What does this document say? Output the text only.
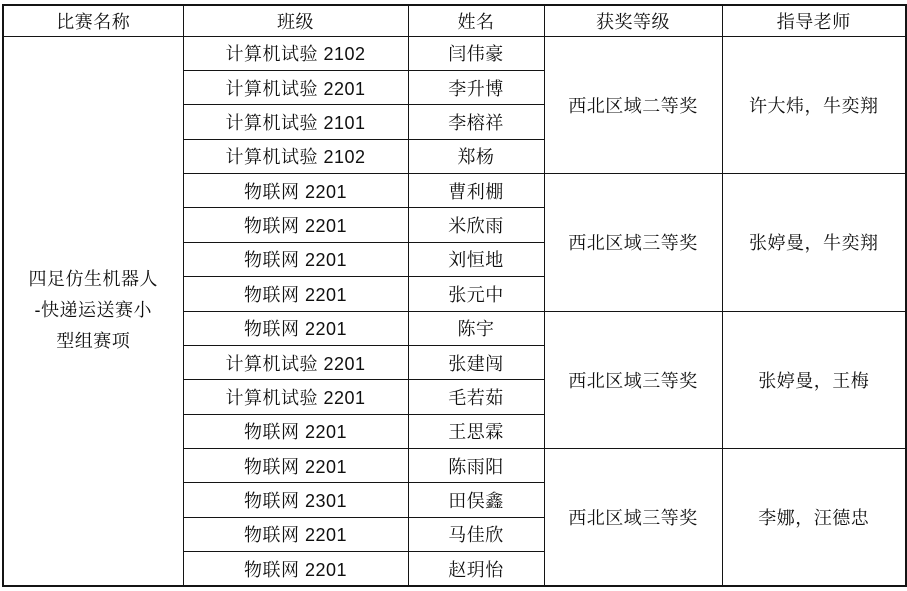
比赛名称	班级	姓名	获奖等级	指导老师

四足仿生机器人
-快递运送赛小
型组赛项	计算机试验 2102	闫伟豪	西北区域二等奖	许大炜，牛奕翔
	计算机试验 2201	李升博		
	计算机试验 2101	李榕祥		
	计算机试验 2102	郑杨		
	物联网 2201	曹利棚	西北区域三等奖	张婷曼，牛奕翔
	物联网 2201	米欣雨		
	物联网 2201	刘恒地		
	物联网 2201	张元中		
	物联网 2201	陈宇	西北区域三等奖	张婷曼，王梅
	计算机试验 2201	张建闯		
	计算机试验 2201	毛若茹		
	物联网 2201	王思霖		
	物联网 2201	陈雨阳	西北区域三等奖	李娜，汪德忠
	物联网 2301	田俣鑫		
	物联网 2201	马佳欣		
	物联网 2201	赵玥怡		
